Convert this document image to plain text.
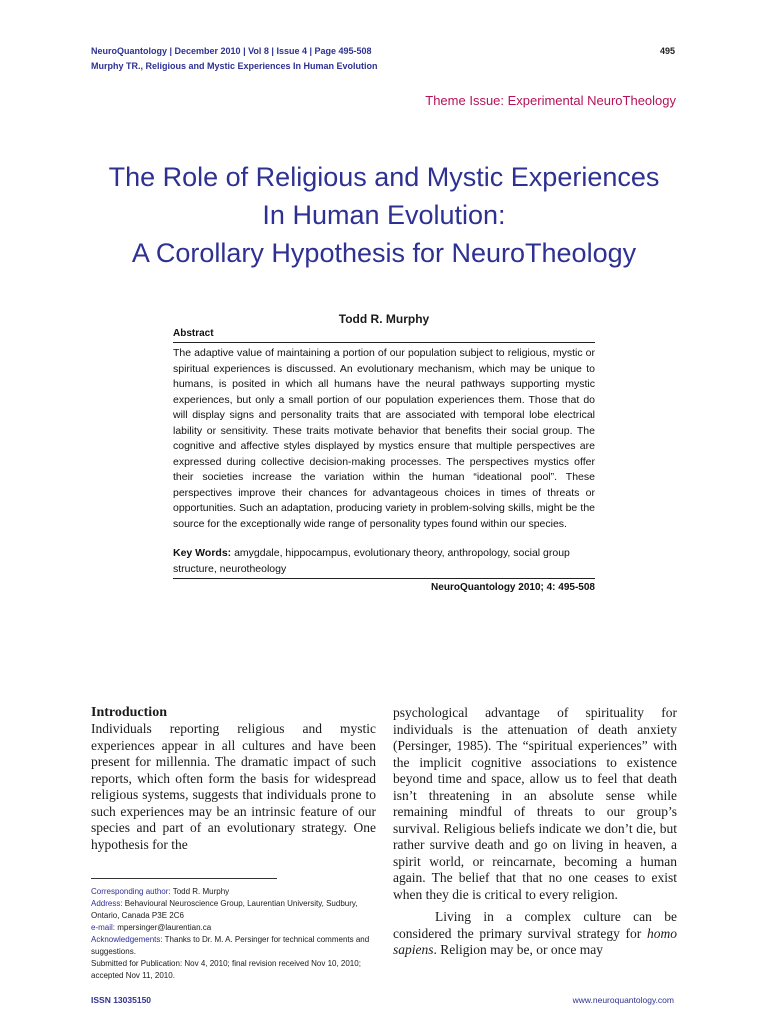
NeuroQuantology | December 2010 | Vol 8 | Issue 4 | Page 495-508
Murphy TR., Religious and Mystic Experiences In Human Evolution
495
Theme Issue: Experimental NeuroTheology
The Role of Religious and Mystic Experiences
In Human Evolution:
A Corollary Hypothesis for NeuroTheology
Todd R. Murphy
Abstract

The adaptive value of maintaining a portion of our population subject to religious, mystic or spiritual experiences is discussed. An evolutionary mechanism, which may be unique to humans, is posited in which all humans have the neural pathways supporting mystic experiences, but only a small portion of our population experiences them. Those that do will display signs and personality traits that are associated with temporal lobe electrical lability or sensitivity. These traits motivate behavior that benefits their social group. The cognitive and affective styles displayed by mystics ensure that multiple perspectives are expressed during collective decision-making processes. The perspectives mystics offer their societies increase the variation within the human “ideational pool”. These perspectives improve their chances for advantageous choices in times of threats or opportunities. Such an adaptation, producing variety in problem-solving skills, might be the source for the exceptionally wide range of personality types found within our species.

Key Words: amygdale, hippocampus, evolutionary theory, anthropology, social group structure, neurotheology
NeuroQuantology 2010; 4: 495-508
Introduction

Individuals reporting religious and mystic experiences appear in all cultures and have been present for millennia. The dramatic impact of such reports, which often form the basis for widespread religious systems, suggests that individuals prone to such experiences may be an intrinsic feature of our species and part of an evolutionary strategy. One hypothesis for the

psychological advantage of spirituality for individuals is the attenuation of death anxiety (Persinger, 1985). The “spiritual experiences” with the implicit cognitive associations to existence beyond time and space, allow us to feel that death isn’t threatening in an absolute sense while remaining mindful of threats to our group’s survival. Religious beliefs indicate we don’t die, but rather survive death and go on living in heaven, a spirit world, or reincarnate, becoming a human again. The belief that that no one ceases to exist when they die is critical to every religion.

Living in a complex culture can be considered the primary survival strategy for homo sapiens. Religion may be, or once may

Corresponding author: Todd R. Murphy
Address: Behavioural Neuroscience Group, Laurentian University, Sudbury, Ontario, Canada P3E 2C6
e-mail: mpersinger@laurentian.ca
Acknowledgements: Thanks to Dr. M. A. Persinger for technical comments and suggestions.
Submitted for Publication: Nov 4, 2010; final revision received Nov 10, 2010; accepted Nov 11, 2010.
ISSN 13035150	www.neuroquantology.com
